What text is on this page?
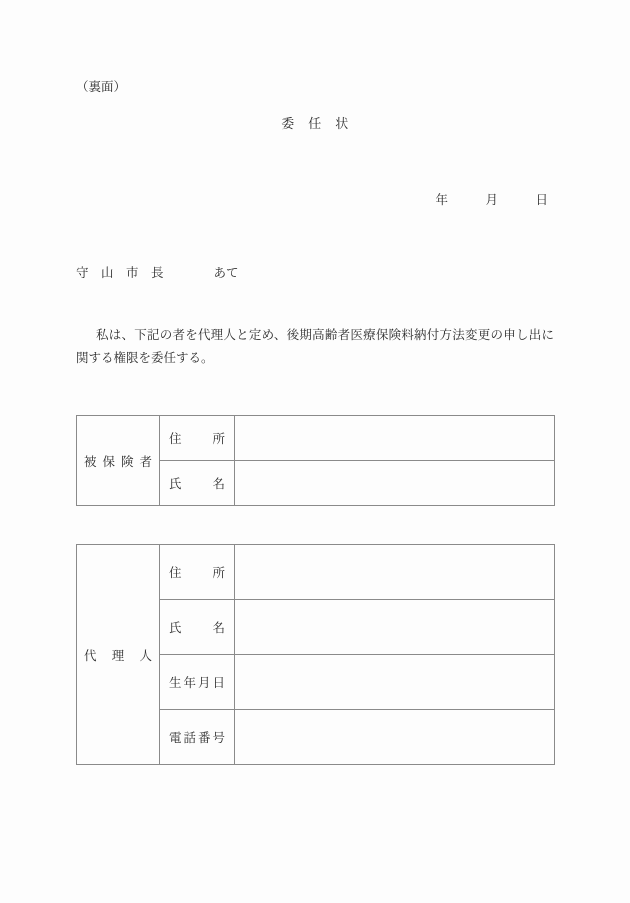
（裏面）
委　任　状
年　　　月　　　日
守　山　市　長　　　　あて
私は、下記の者を代理人と定め、後期高齢者医療保険料納付方法変更の申し出に関する権限を委任する。
被 保 険 者	住　　所	

	氏　　名	

代　理　人	住　　所	

	氏　　名	

	生年月日	

	電話番号	
